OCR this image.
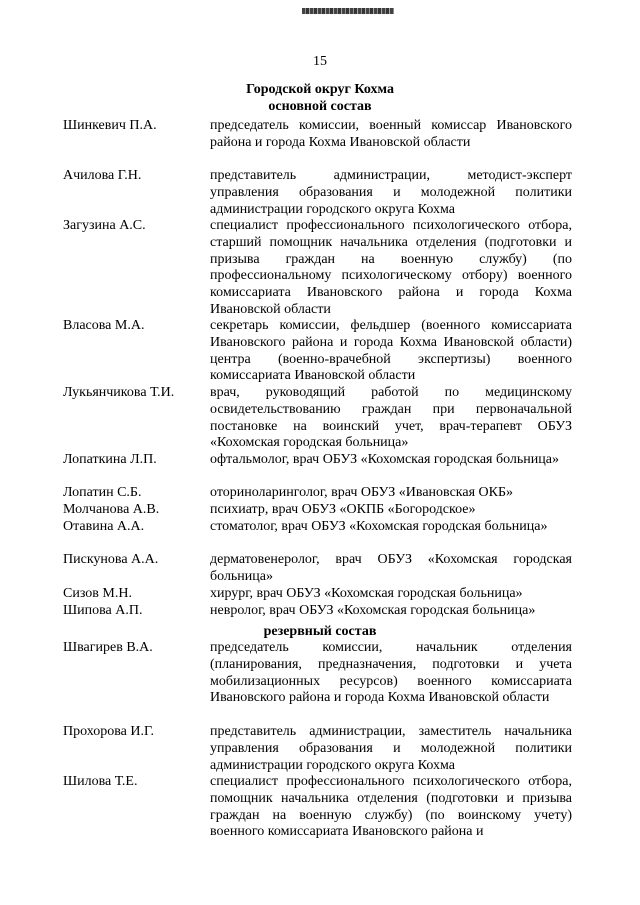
15
Городской округ Кохма
основной состав
Шинкевич П.А.	председатель комиссии, военный комиссар Ивановского района и города Кохма Ивановской области
Ачилова Г.Н.	представитель администрации, методист-эксперт управления образования и молодежной политики администрации городского округа Кохма
Загузина А.С.	специалист профессионального психологического отбора, старший помощник начальника отделения (подготовки и призыва граждан на военную службу) (по профессиональному психологическому отбору) военного комиссариата Ивановского района и города Кохма Ивановской области
Власова М.А.	секретарь комиссии, фельдшер (военного комиссариата Ивановского района и города Кохма Ивановской области) центра (военно-врачебной экспертизы) военного комиссариата Ивановской области
Лукьянчикова Т.И.	врач, руководящий работой по медицинскому освидетельствованию граждан при первоначальной постановке на воинский учет, врач-терапевт ОБУЗ «Кохомская городская больница»
Лопаткина Л.П.	офтальмолог, врач ОБУЗ «Кохомская городская больница»
Лопатин С.Б.	оториноларинголог, врач ОБУЗ «Ивановская ОКБ»
Молчанова А.В.	психиатр, врач ОБУЗ «ОКПБ «Богородское»
Отавина А.А.	стоматолог, врач ОБУЗ «Кохомская городская больница»
Пискунова А.А.	дерматовенеролог, врач ОБУЗ «Кохомская городская больница»
Сизов М.Н.	хирург, врач ОБУЗ «Кохомская городская больница»
Шипова А.П.	невролог, врач ОБУЗ «Кохомская городская больница»
резервный состав
Швагирев В.А.	председатель комиссии, начальник отделения (планирования, предназначения, подготовки и учета мобилизационных ресурсов) военного комиссариата Ивановского района и города Кохма Ивановской области
Прохорова И.Г.	представитель администрации, заместитель начальника управления образования и молодежной политики администрации городского округа Кохма
Шилова Т.Е.	специалист профессионального психологического отбора, помощник начальника отделения (подготовки и призыва граждан на военную службу) (по воинскому учету) военного комиссариата Ивановского района и
